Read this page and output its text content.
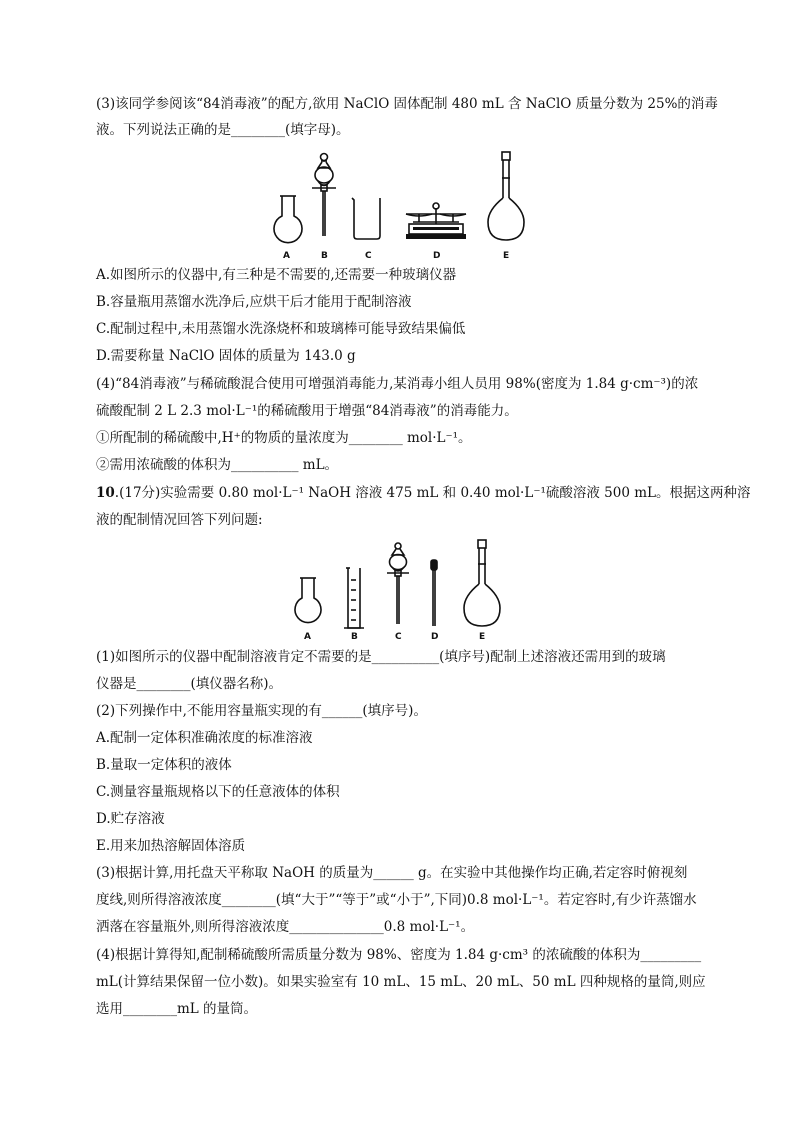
(3)该同学参阅该“84消毒液”的配方,欲用 NaClO 固体配制 480 mL 含 NaClO 质量分数为 25%的消毒
液。下列说法正确的是________(填字母)。
A	B	C	D	E
A.如图所示的仪器中,有三种是不需要的,还需要一种玻璃仪器
B.容量瓶用蒸馏水洗净后,应烘干后才能用于配制溶液
C.配制过程中,未用蒸馏水洗涤烧杯和玻璃棒可能导致结果偏低
D.需要称量 NaClO 固体的质量为 143.0 g
(4)“84消毒液”与稀硫酸混合使用可增强消毒能力,某消毒小组人员用 98%(密度为 1.84 g·cm⁻³)的浓
硫酸配制 2 L 2.3 mol·L⁻¹的稀硫酸用于增强“84消毒液”的消毒能力。
①所配制的稀硫酸中,H⁺的物质的量浓度为________ mol·L⁻¹。
②需用浓硫酸的体积为__________ mL。
10.(17分)实验需要 0.80 mol·L⁻¹ NaOH 溶液 475 mL 和 0.40 mol·L⁻¹硫酸溶液 500 mL。根据这两种溶
液的配制情况回答下列问题:
A	B	C	D	E
(1)如图所示的仪器中配制溶液肯定不需要的是__________(填序号)配制上述溶液还需用到的玻璃
仪器是________(填仪器名称)。
(2)下列操作中,不能用容量瓶实现的有______(填序号)。
A.配制一定体积准确浓度的标准溶液
B.量取一定体积的液体
C.测量容量瓶规格以下的任意液体的体积
D.贮存溶液
E.用来加热溶解固体溶质
(3)根据计算,用托盘天平称取 NaOH 的质量为______ g。在实验中其他操作均正确,若定容时俯视刻
度线,则所得溶液浓度________(填“大于”“等于”或“小于”,下同)0.8 mol·L⁻¹。若定容时,有少许蒸馏水
洒落在容量瓶外,则所得溶液浓度______________0.8 mol·L⁻¹。
(4)根据计算得知,配制稀硫酸所需质量分数为 98%、密度为 1.84 g·cm³ 的浓硫酸的体积为_________
mL(计算结果保留一位小数)。如果实验室有 10 mL、15 mL、20 mL、50 mL 四种规格的量筒,则应
选用________mL 的量筒。
